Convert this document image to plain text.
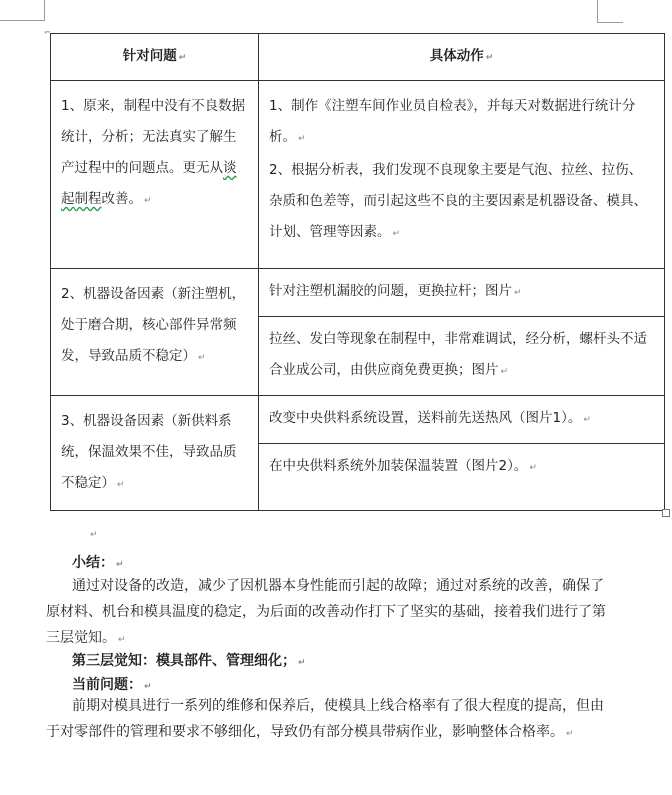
⌐
针对问题 ↵	具体动作 ↵
1、原来，制程中没有不良数据统计，分析；无法真实了解生产过程中的问题点。更无从谈起制程改善。 ↵	1、制作《注塑车间作业员自检表》，并每天对数据进行统计分析。 ↵
2、根据分析表，我们发现不良现象主要是气泡、拉丝、拉伤、杂质和色差等，而引起这些不良的主要因素是机器设备、模具、计划、管理等因素。 ↵

2、机器设备因素（新注塑机，处于磨合期，核心部件异常频发，导致品质不稳定） ↵	针对注塑机漏胶的问题，更换拉杆；图片 ↵
	拉丝、发白等现象在制程中，非常难调试，经分析，螺杆头不适合业成公司，由供应商免费更换；图片 ↵
3、机器设备因素（新供料系统，保温效果不佳，导致品质不稳定） ↵	改变中央供料系统设置，送料前先送热风（图片1）。 ↵
	在中央供料系统外加装保温装置（图片2）。 ↵
↵
小结： ↵
通过对设备的改造，减少了因机器本身性能而引起的故障；通过对系统的改善，确保了原材料、机台和模具温度的稳定，为后面的改善动作打下了坚实的基础，接着我们进行了第三层觉知。 ↵
第三层觉知：模具部件、管理细化； ↵
当前问题： ↵
前期对模具进行一系列的维修和保养后，使模具上线合格率有了很大程度的提高，但由于对零部件的管理和要求不够细化，导致仍有部分模具带病作业，影响整体合格率。 ↵
